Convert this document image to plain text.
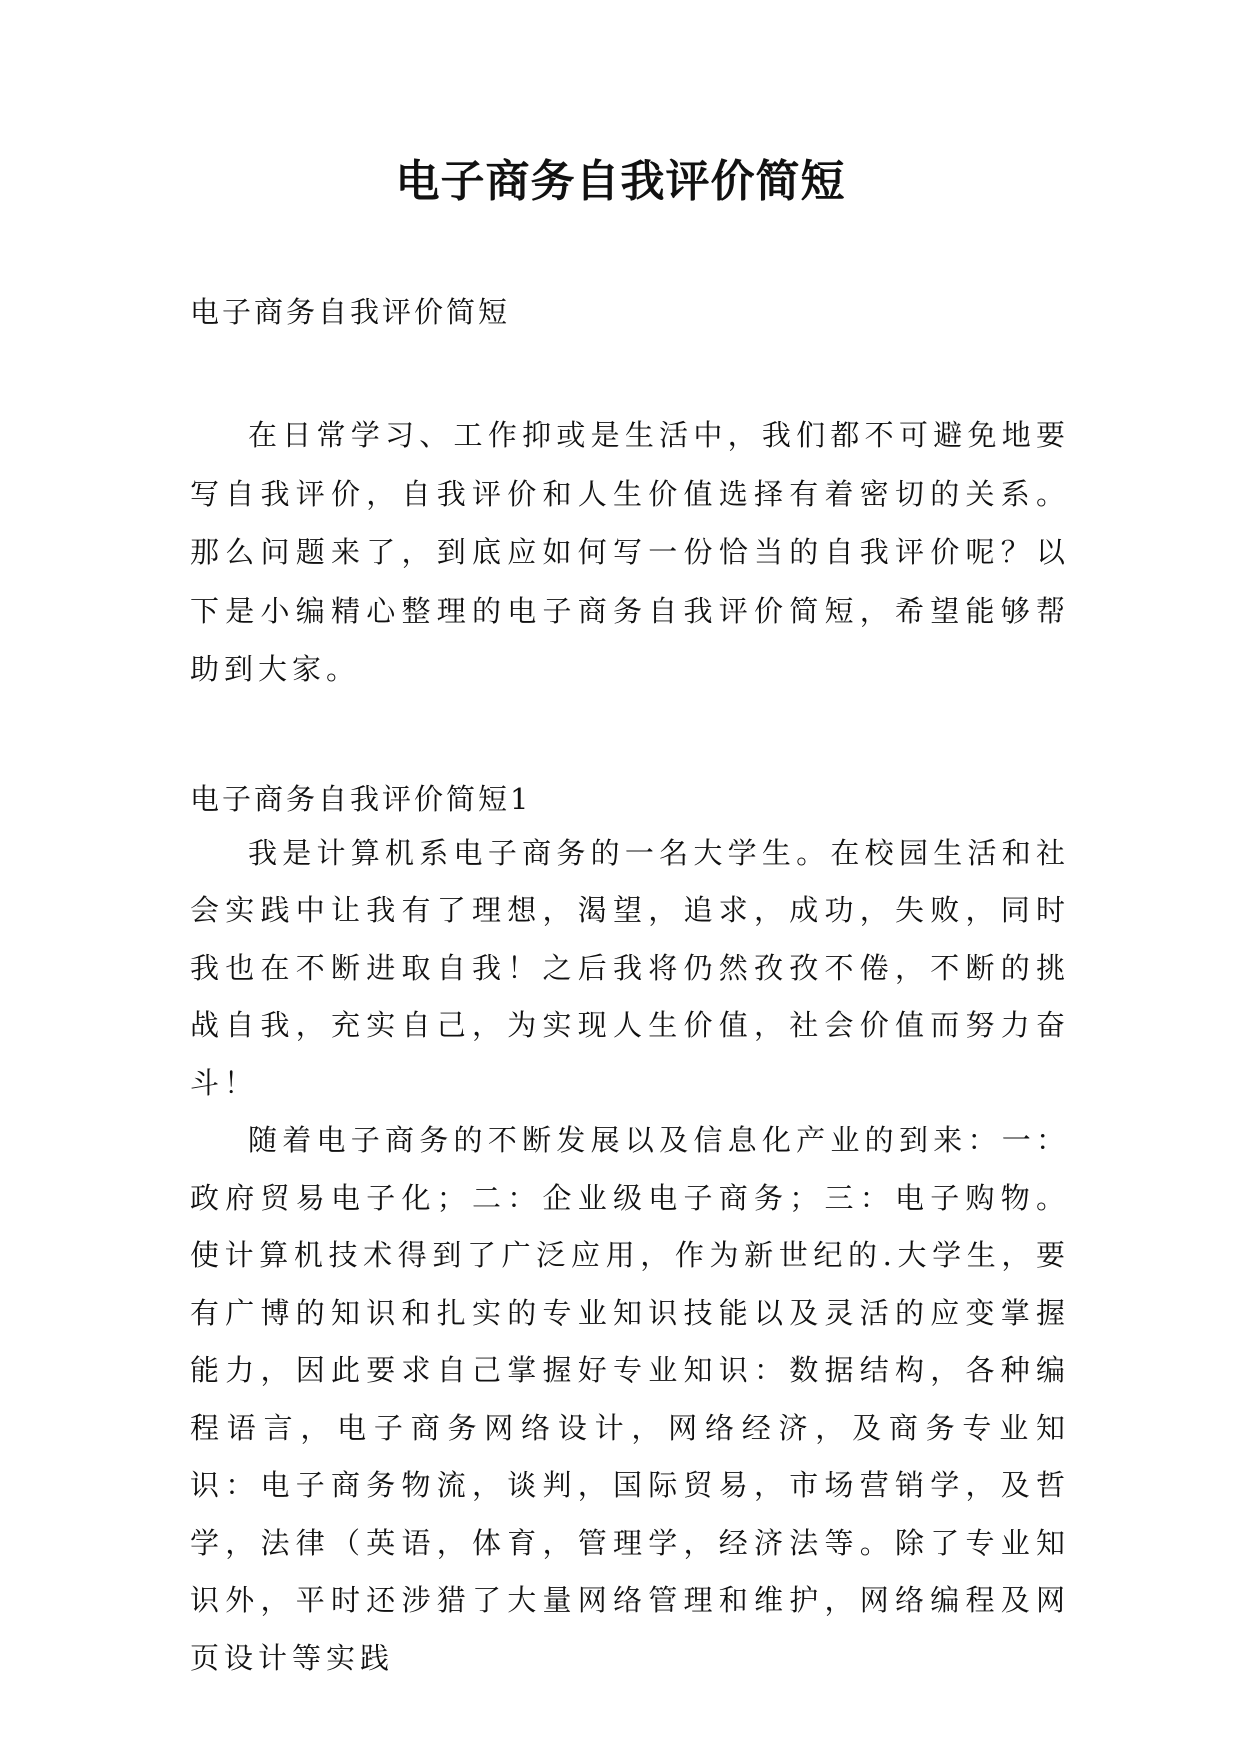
电子商务自我评价简短

电子商务自我评价简短

在日常学习、工作抑或是生活中，我们都不可避免地要写自我评价，自我评价和人生价值选择有着密切的关系。那么问题来了，到底应如何写一份恰当的自我评价呢？以下是小编精心整理的电子商务自我评价简短，希望能够帮助到大家。

电子商务自我评价简短1

我是计算机系电子商务的一名大学生。在校园生活和社会实践中让我有了理想，渴望，追求，成功，失败，同时我也在不断进取自我！之后我将仍然孜孜不倦，不断的挑战自我，充实自己，为实现人生价值，社会价值而努力奋斗！

随着电子商务的不断发展以及信息化产业的到来：一：政府贸易电子化；二：企业级电子商务；三：电子购物。使计算机技术得到了广泛应用，作为新世纪的.大学生，要有广博的知识和扎实的专业知识技能以及灵活的应变掌握能力，因此要求自己掌握好专业知识：数据结构，各种编程语言，电子商务网络设计，网络经济，及商务专业知识：电子商务物流，谈判，国际贸易，市场营销学，及哲学，法律（英语，体育，管理学，经济法等。除了专业知识外，平时还涉猎了大量网络管理和维护，网络编程及网页设计等实践
